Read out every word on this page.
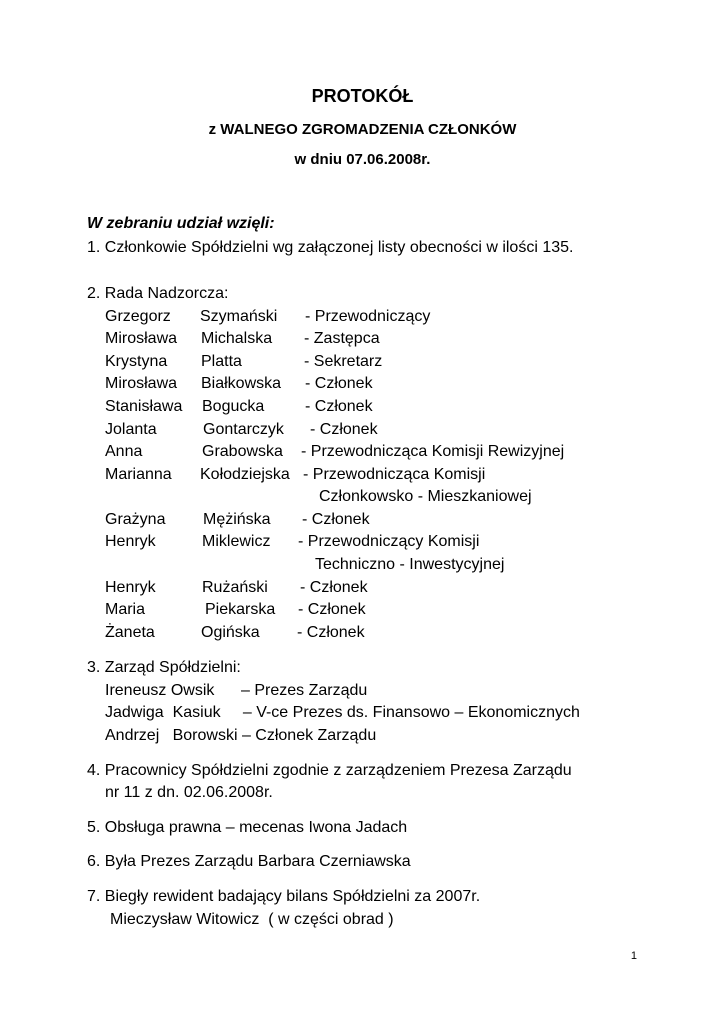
PROTOKÓŁ
z WALNEGO ZGROMADZENIA CZŁONKÓW
w dniu 07.06.2008r.
W zebraniu udział wzięli:
1. Członkowie Spółdzielni wg załączonej listy obecności w ilości 135.
2. Rada Nadzorcza:
Grzegorz Szymański - Przewodniczący
Mirosława Michalska - Zastępca
Krystyna Platta	- Sekretarz
Mirosława Białkowska - Członek
Stanisława Bogucka	- Członek
Jolanta	Gontarczyk - Członek
Anna	Grabowska - Przewodnicząca Komisji Rewizyjnej
Marianna Kołodziejska - Przewodnicząca Komisji
Członkowsko - Mieszkaniowej
Grażyna Mężińska - Członek
Henryk	Miklewicz - Przewodniczący Komisji
Techniczno - Inwestycyjnej
Henryk	Rużański - Członek
Maria	Piekarska - Członek
Żaneta	Ogińska - Członek
3. Zarząd Spółdzielni:
Ireneusz Owsik      – Prezes Zarządu
Jadwiga  Kasiuk     – V-ce Prezes ds. Finansowo – Ekonomicznych
Andrzej   Borowski – Członek Zarządu
4. Pracownicy Spółdzielni zgodnie z zarządzeniem Prezesa Zarządu
nr 11 z dn. 02.06.2008r.
5. Obsługa prawna – mecenas Iwona Jadach
6. Była Prezes Zarządu Barbara Czerniawska
7. Biegły rewident badający bilans Spółdzielni za 2007r.
Mieczysław Witowicz  ( w części obrad )
1
